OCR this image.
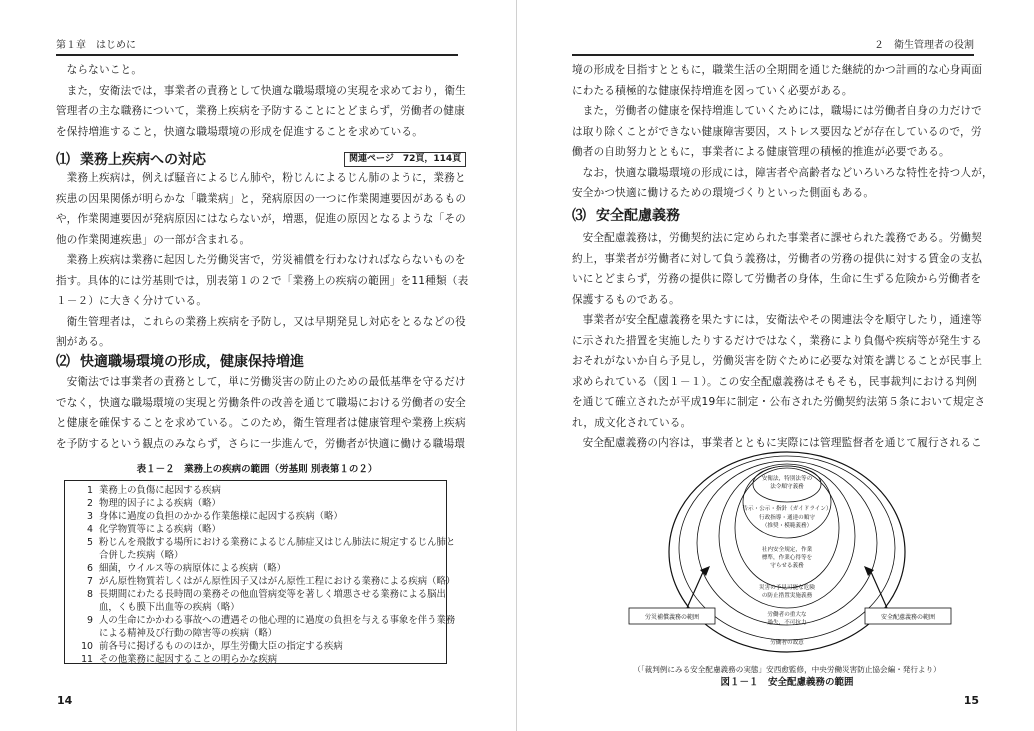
第１章　はじめに
ならないこと。
また，安衛法では，事業者の責務として快適な職場環境の実現を求めており，衛生
管理者の主な職務について，業務上疾病を予防することにとどまらず，労働者の健康
を保持増進すること，快適な職場環境の形成を促進することを求めている。
⑴ 業務上疾病への対応	関連ページ　72頁，114頁
業務上疾病は，例えば騒音によるじん肺や，粉じんによるじん肺のように，業務と
疾患の因果関係が明らかな「職業病」と，発病原因の一つに作業関連要因があるもの
や，作業関連要因が発病原因にはならないが，増悪，促進の原因となるような「その
他の作業関連疾患」の一部が含まれる。
業務上疾病は業務に起因した労働災害で，労災補償を行わなければならないものを
指す。具体的には労基則では，別表第１の２で「業務上の疾病の範囲」を11種類（表
１－２）に大きく分けている。
衛生管理者は，これらの業務上疾病を予防し，又は早期発見し対応をとるなどの役
割がある。
⑵ 快適職場環境の形成，健康保持増進
安衛法では事業者の責務として，単に労働災害の防止のための最低基準を守るだけ
でなく，快適な職場環境の実現と労働条件の改善を通じて職場における労働者の安全
と健康を確保することを求めている。このため，衛生管理者は健康管理や業務上疾病
を予防するという観点のみならず，さらに一歩進んで，労働者が快適に働ける職場環
表１－２　業務上の疾病の範囲（労基則 別表第１の２）
1 業務上の負傷に起因する疾病
2 物理的因子による疾病（略）
3 身体に過度の負担のかかる作業態様に起因する疾病（略）
4 化学物質等による疾病（略）
5 粉じんを飛散する場所における業務によるじん肺症又はじん肺法に規定するじん肺と
合併した疾病（略）
6 細菌，ウイルス等の病原体による疾病（略）
7 がん原性物質若しくはがん原性因子又はがん原性工程における業務による疾病（略）
8 長期間にわたる長時間の業務その他血管病変等を著しく増悪させる業務による脳出
血，くも膜下出血等の疾病（略）
9 人の生命にかかわる事故への遭遇その他心理的に過度の負担を与える事象を伴う業務
による精神及び行動の障害等の疾病（略）
10 前各号に掲げるもののほか，厚生労働大臣の指定する疾病
11 その他業務に起因することの明らかな疾病
14
２　衛生管理者の役割
境の形成を目指すとともに，職業生活の全期間を通じた継続的かつ計画的な心身両面
にわたる積極的な健康保持増進を図っていく必要がある。
また，労働者の健康を保持増進していくためには，職場には労働者自身の力だけで
は取り除くことができない健康障害要因，ストレス要因などが存在しているので，労
働者の自助努力とともに，事業者による健康管理の積極的推進が必要である。
なお，快適な職場環境の形成には，障害者や高齢者などいろいろな特性を持つ人が，
安全かつ快適に働けるための環境づくりといった側面もある。
⑶ 安全配慮義務
安全配慮義務は，労働契約法に定められた事業者に課せられた義務である。労働契
約上，事業者が労働者に対して負う義務は，労働者の労務の提供に対する賃金の支払
いにとどまらず，労務の提供に際して労働者の身体，生命に生ずる危険から労働者を
保護するものである。
事業者が安全配慮義務を果たすには，安衛法やその関連法令を順守したり，通達等
に示された措置を実施したりするだけではなく，業務により負傷や疾病等が発生する
おそれがないか自ら予見し，労働災害を防ぐために必要な対策を講じることが民事上
求められている（図１－１）。この安全配慮義務はそもそも，民事裁判における判例
を通じて確立されたが平成19年に制定・公布された労働契約法第５条において規定さ
れ，成文化されている。
安全配慮義務の内容は，事業者とともに実際には管理監督者を通じて履行されるこ
安衛法，特別法等の
法令順守義務
告示・公示・指針（ガイドライン）
行政指導・通達の順守
（推奨・模範義務）
社内安全規定，作業
標準，作業心得等を
守らせる義務
災害の予見可能な危険
の防止措置実施義務
労働者の重大な
過失，不可抗力
労働者の故意
労災補償義務の範囲	安全配慮義務の範囲
（「裁判例にみる安全配慮義務の実態」安西愈監修，中央労働災害防止協会編・発行より）
図１－１　安全配慮義務の範囲
15
